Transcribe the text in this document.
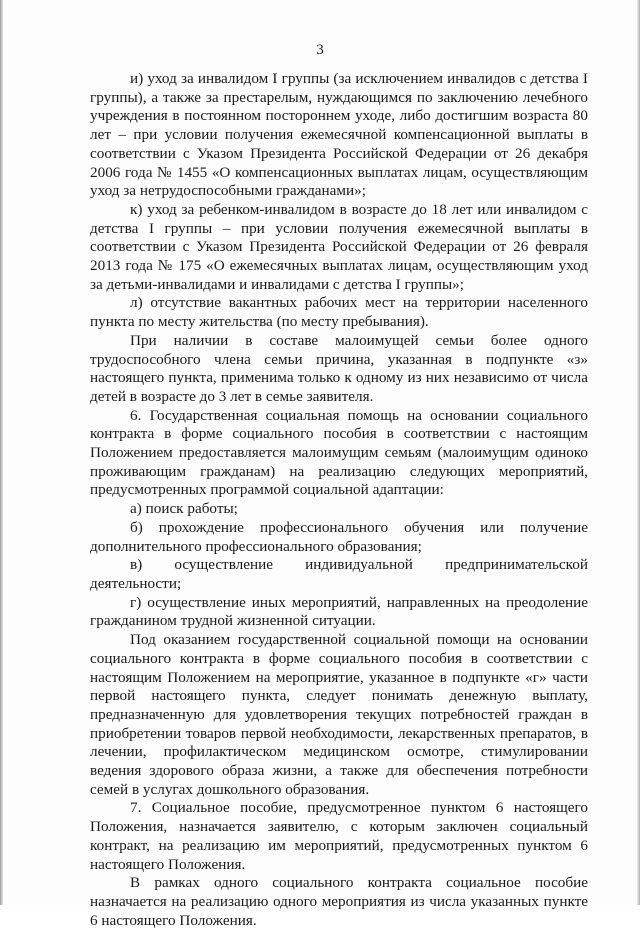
3

и) уход за инвалидом I группы (за исключением инвалидов с детства I группы), а также за престарелым, нуждающимся по заключению лечебного учреждения в постоянном постороннем уходе, либо достигшим возраста 80 лет – при условии получения ежемесячной компенсационной выплаты в соответствии с Указом Президента Российской Федерации от 26 декабря 2006 года № 1455 «О компенсационных выплатах лицам, осуществляющим уход за нетрудоспособными гражданами»;

к) уход за ребенком-инвалидом в возрасте до 18 лет или инвалидом с детства I группы – при условии получения ежемесячной выплаты в соответствии с Указом Президента Российской Федерации от 26 февраля 2013 года № 175 «О ежемесячных выплатах лицам, осуществляющим уход за детьми-инвалидами и инвалидами с детства I группы»;

л) отсутствие вакантных рабочих мест на территории населенного пункта по месту жительства (по месту пребывания).

При наличии в составе малоимущей семьи более одного трудоспособного члена семьи причина, указанная в подпункте «з» настоящего пункта, применима только к одному из них независимо от числа детей в возрасте до 3 лет в семье заявителя.

6. Государственная социальная помощь на основании социального контракта в форме социального пособия в соответствии с настоящим Положением предоставляется малоимущим семьям (малоимущим одиноко проживающим гражданам) на реализацию следующих мероприятий, предусмотренных программой социальной адаптации:

а) поиск работы;

б) прохождение профессионального обучения или получение дополнительного профессионального образования;

в) осуществление индивидуальной предпринимательской деятельности;

г) осуществление иных мероприятий, направленных на преодоление гражданином трудной жизненной ситуации.

Под оказанием государственной социальной помощи на основании социального контракта в форме социального пособия в соответствии с настоящим Положением на мероприятие, указанное в подпункте «г» части первой настоящего пункта, следует понимать денежную выплату, предназначенную для удовлетворения текущих потребностей граждан в приобретении товаров первой необходимости, лекарственных препаратов, в лечении, профилактическом медицинском осмотре, стимулировании ведения здорового образа жизни, а также для обеспечения потребности семей в услугах дошкольного образования.

7. Социальное пособие, предусмотренное пунктом 6 настоящего Положения, назначается заявителю, с которым заключен социальный контракт, на реализацию им мероприятий, предусмотренных пунктом 6 настоящего Положения.

В рамках одного социального контракта социальное пособие назначается на реализацию одного мероприятия из числа указанных пункте 6 настоящего Положения.
